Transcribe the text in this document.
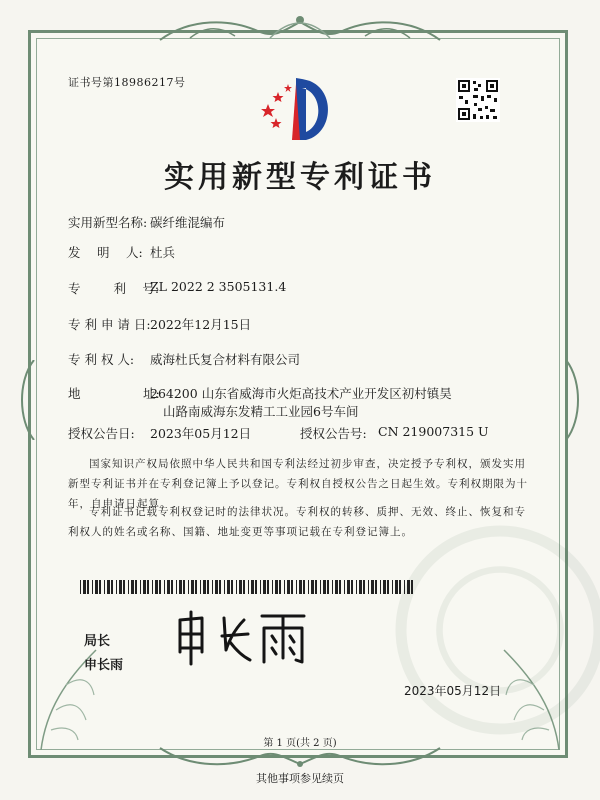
证书号第18986217号
实用新型专利证书
实用新型名称: 碳纤维混编布
发　 明　 人: 杜兵
专　 　 利　 号:
ZL 2022 2 3505131.4
专 利 申 请 日: 2022年12月15日
专 利 权 人: 威海杜氏复合材料有限公司
地　　　　　址:
264200 山东省威海市火炬高技术产业开发区初村镇昊
山路南威海东发精工工业园6号车间
授权公告日: 2023年05月12日	授权公告号: CN 219007315 U
国家知识产权局依照中华人民共和国专利法经过初步审查，决定授予专利权，颁发实用新型专利证书并在专利登记簿上予以登记。专利权自授权公告之日起生效。专利权期限为十年，自申请日起算。
专利证书记载专利权登记时的法律状况。专利权的转移、质押、无效、终止、恢复和专利权人的姓名或名称、国籍、地址变更等事项记载在专利登记簿上。
局长
申长雨
2023年05月12日
第 1 页(共 2 页)
其他事项参见续页
